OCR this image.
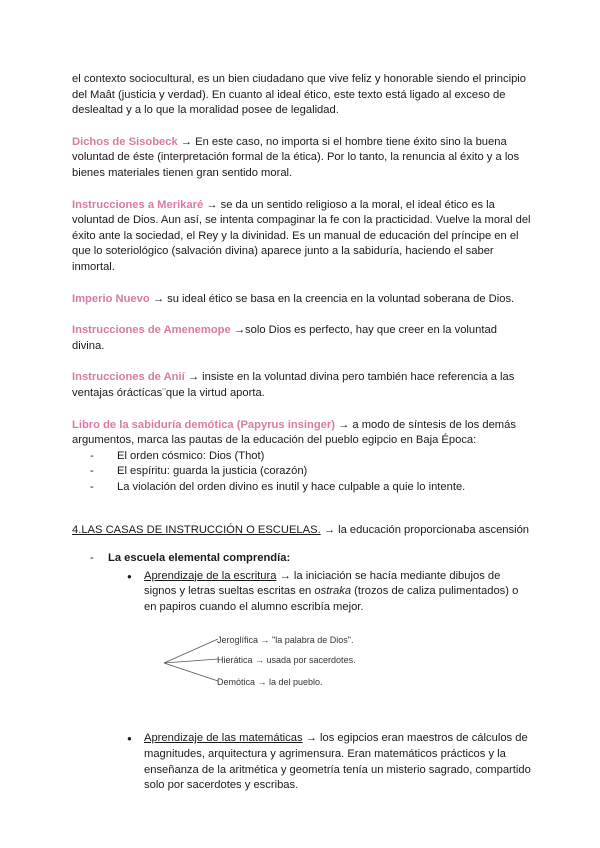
el contexto sociocultural, es un bien ciudadano que vive feliz y honorable siendo el principio del Maât (justicia y verdad). En cuanto al ideal ético, este texto está ligado al exceso de deslealtad y a lo que la moralidad posee de legalidad.

Dichos de Sisobeck → En este caso, no importa si el hombre tiene éxito sino la buena voluntad de éste (interpretación formal de la ética). Por lo tanto, la renuncia al éxito y a los bienes materiales tienen gran sentido moral.

Instrucciones a Merikaré → se da un sentido religioso a la moral, el ideal ético es la voluntad de Dios. Aun así, se intenta compaginar la fe con la practicidad. Vuelve la moral del éxito ante la sociedad, el Rey y la divinidad. Es un manual de educación del príncipe en el que lo soteriológico (salvación divina) aparece junto a la sabiduría, haciendo el saber inmortal.

Imperio Nuevo → su ideal ético se basa en la creencia en la voluntad soberana de Dios.

Instrucciones de Amenemope →solo Dios es perfecto, hay que creer en la voluntad divina.

Instrucciones de Anií → insiste en la voluntad divina pero también hace referencia a las ventajas óráctícas¨que la virtud aporta.

Libro de la sabiduría demótica (Papyrus insinger) → a modo de síntesis de los demás argumentos, marca las pautas de la educación del pueblo egipcio en Baja Época:

- El orden cósmico: Dios (Thot)
- El espíritu: guarda la justicia (corazón)
- La violación del orden divino es inutil y hace culpable a quie lo intente.

4.LAS CASAS DE INSTRUCCIÓN O ESCUELAS. → la educación proporcionaba ascensión

- La escuela elemental comprendía:

● Aprendizaje de la escritura → la iniciación se hacía mediante dibujos de signos y letras sueltas escritas en ostraka (trozos de caliza pulimentados) o en papiros cuando el alumno escribía mejor.

Jeroglífica → "la palabra de Dios".
Hierática → usada por sacerdotes.
Demótica → la del pueblo.

● Aprendizaje de las matemáticas → los egipcios eran maestros de cálculos de magnitudes, arquitectura y agrimensura. Eran matemáticos prácticos y la enseñanza de la aritmética y geometría tenía un misterio sagrado, compartido solo por sacerdotes y escribas.
